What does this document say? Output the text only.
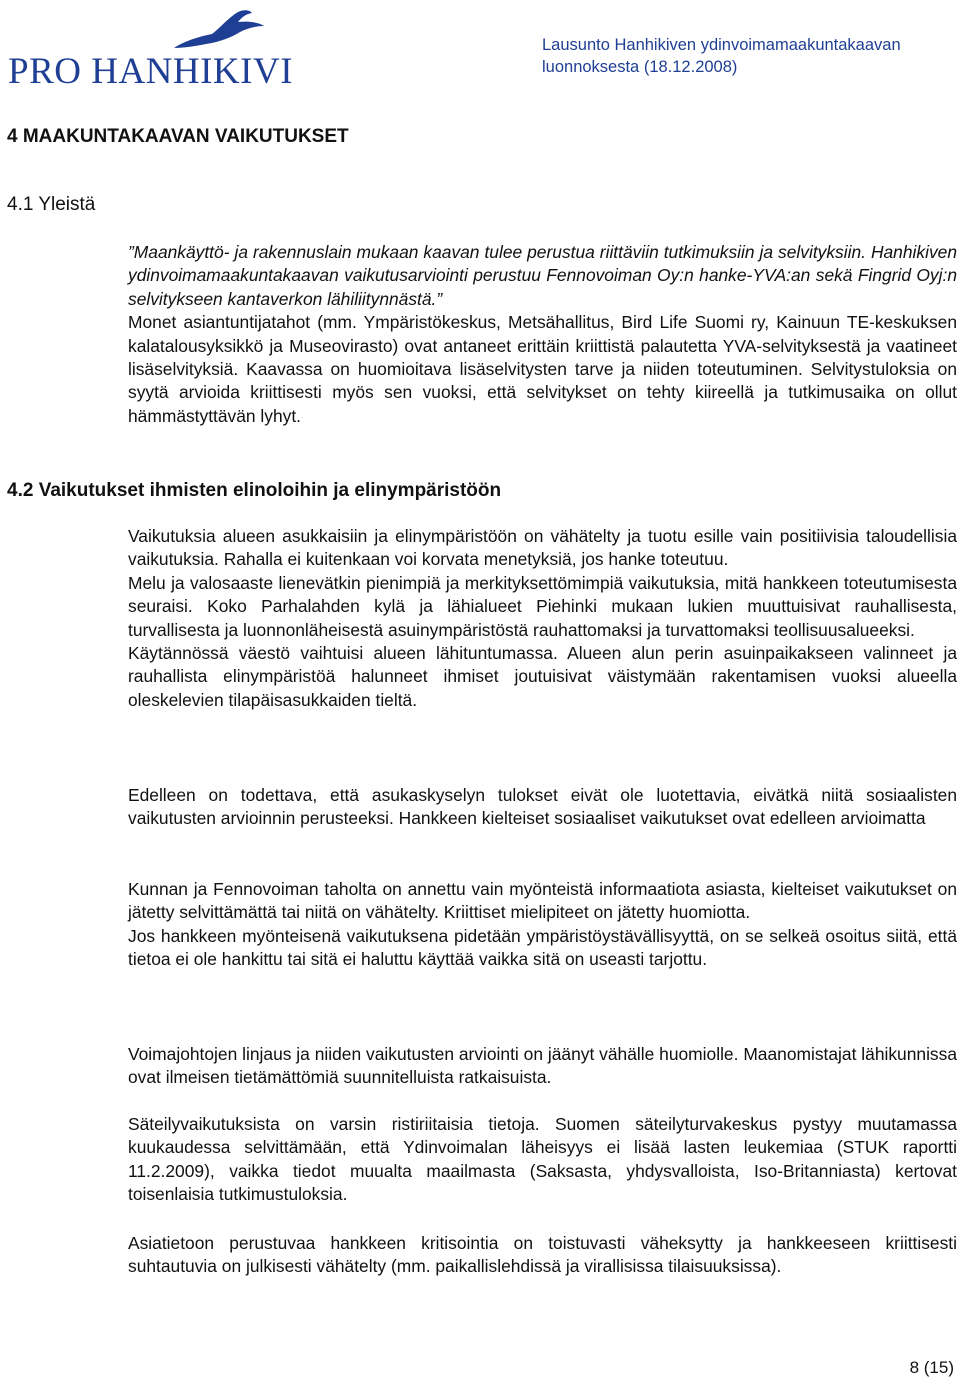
PRO HANHIKIVI
Lausunto Hanhikiven ydinvoimamaakuntakaavan
luonnoksesta (18.12.2008)
4 MAAKUNTAKAAVAN VAIKUTUKSET
4.1 Yleistä

”Maankäyttö- ja rakennuslain mukaan kaavan tulee perustua riittäviin tutkimuksiin ja selvityksiin. Hanhikiven ydinvoimamaakuntakaavan vaikutusarviointi perustuu Fennovoiman Oy:n hanke-YVA:an sekä Fingrid Oyj:n selvitykseen kantaverkon lähiliitynnästä.”

Monet asiantuntijatahot (mm. Ympäristökeskus, Metsähallitus, Bird Life Suomi ry, Kainuun TE-keskuksen kalatalousyksikkö ja Museovirasto) ovat antaneet erittäin kriittistä palautetta YVA-selvityksestä ja vaatineet lisäselvityksiä. Kaavassa on huomioitava lisäselvitysten tarve ja niiden toteutuminen. Selvitystuloksia on syytä arvioida kriittisesti myös sen vuoksi, että selvitykset on tehty kiireellä ja tutkimusaika on ollut hämmästyttävän lyhyt.

4.2 Vaikutukset ihmisten elinoloihin ja elinympäristöön

Vaikutuksia alueen asukkaisiin ja elinympäristöön on vähätelty ja tuotu esille vain positiivisia taloudellisia vaikutuksia. Rahalla ei kuitenkaan voi korvata menetyksiä, jos hanke toteutuu.

Melu ja valosaaste lienevätkin pienimpiä ja merkityksettömimpiä vaikutuksia, mitä hankkeen toteutumisesta seuraisi. Koko Parhalahden kylä ja lähialueet Piehinki mukaan lukien muuttuisivat rauhallisesta, turvallisesta ja luonnonläheisestä asuinympäristöstä rauhattomaksi ja turvattomaksi teollisuusalueeksi.

Käytännössä väestö vaihtuisi alueen lähituntumassa. Alueen alun perin asuinpaikakseen valinneet ja rauhallista elinympäristöä halunneet ihmiset joutuisivat väistymään rakentamisen vuoksi alueella oleskelevien tilapäisasukkaiden tieltä.

Edelleen on todettava, että asukaskyselyn tulokset eivät ole luotettavia, eivätkä niitä sosiaalisten vaikutusten arvioinnin perusteeksi. Hankkeen kielteiset sosiaaliset vaikutukset ovat edelleen arvioimatta

Kunnan ja Fennovoiman taholta on annettu vain myönteistä informaatiota asiasta, kielteiset vaikutukset on jätetty selvittämättä tai niitä on vähätelty. Kriittiset mielipiteet on jätetty huomiotta.

Jos hankkeen myönteisenä vaikutuksena pidetään ympäristöystävällisyyttä, on se selkeä osoitus siitä, että tietoa ei ole hankittu tai sitä ei haluttu käyttää vaikka sitä on useasti tarjottu.

Voimajohtojen linjaus ja niiden vaikutusten arviointi on jäänyt vähälle huomiolle. Maanomistajat lähikunnissa ovat ilmeisen tietämättömiä suunnitelluista ratkaisuista.

Säteilyvaikutuksista on varsin ristiriitaisia tietoja. Suomen säteilyturvakeskus pystyy muutamassa kuukaudessa selvittämään, että Ydinvoimalan läheisyys ei lisää lasten leukemiaa (STUK raportti 11.2.2009), vaikka tiedot muualta maailmasta (Saksasta, yhdysvalloista, Iso-Britanniasta) kertovat toisenlaisia tutkimustuloksia.

Asiatietoon perustuvaa hankkeen kritisointia on toistuvasti väheksytty ja hankkeeseen kriittisesti suhtautuvia on julkisesti vähätelty (mm. paikallislehdissä ja virallisissa tilaisuuksissa).

8 (15)
